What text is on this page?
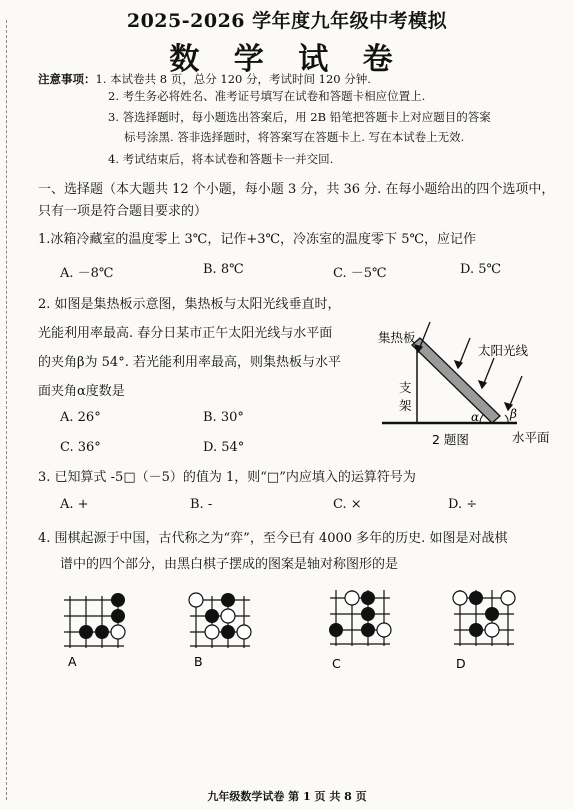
2025-2026 学年度九年级中考模拟
数 学 试 卷
注意事项：1. 本试卷共 8 页，总分 120 分，考试时间 120 分钟.
2. 考生务必将姓名、准考证号填写在试卷和答题卡相应位置上.
3. 答选择题时，每小题选出答案后，用 2B 铅笔把答题卡上对应题目的答案
标号涂黑. 答非选择题时，将答案写在答题卡上. 写在本试卷上无效.
4. 考试结束后，将本试卷和答题卡一并交回.
一、选择题（本大题共 12 个小题，每小题 3 分，共 36 分. 在每小题给出的四个选项中，只有一项是符合题目要求的）
1.冰箱冷藏室的温度零上 3℃，记作+3℃，冷冻室的温度零下 5℃，应记作
A. －8℃	B. 8℃	C. －5℃	D. 5℃
2. 如图是集热板示意图，集热板与太阳光线垂直时，
光能利用率最高. 春分日某市正午太阳光线与水平面
的夹角β为 54°. 若光能利用率最高，则集热板与水平
面夹角α度数是
A. 26°	B. 30°
C. 36°	D. 54°
集热板
太阳光线
支
架
α	β
2 题图	水平面
3. 已知算式 -5□（－5）的值为 1，则“□”内应填入的运算符号为
A. +	B. -	C. ×	D. ÷
4. 围棋起源于中国，古代称之为“弈”，至今已有 4000 多年的历史. 如图是对战棋
谱中的四个部分，由黑白棋子摆成的图案是轴对称图形的是
A	B	C	D
九年级数学试卷 第 1 页 共 8 页
